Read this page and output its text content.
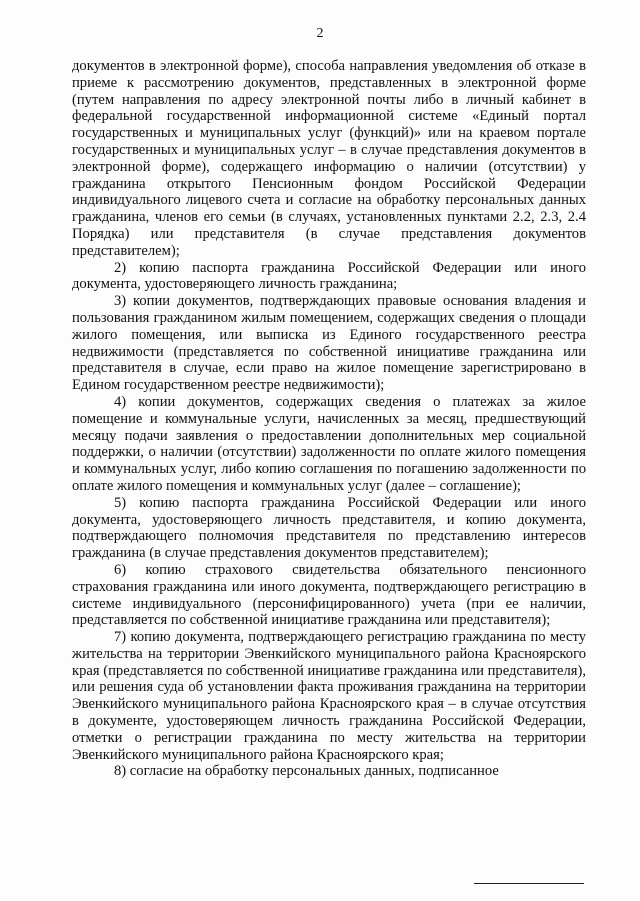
2

документов в электронной форме), способа направления уведомления об отказе в приеме к рассмотрению документов, представленных в электронной форме (путем направления по адресу электронной почты либо в личный кабинет в федеральной государственной информационной системе «Единый портал государственных и муниципальных услуг (функций)» или на краевом портале государственных и муниципальных услуг – в случае представления документов в электронной форме), содержащего информацию о наличии (отсутствии) у гражданина открытого Пенсионным фондом Российской Федерации индивидуального лицевого счета и согласие на обработку персональных данных гражданина, членов его семьи (в случаях, установленных пунктами 2.2, 2.3, 2.4 Порядка) или представителя (в случае представления документов представителем);

2) копию паспорта гражданина Российской Федерации или иного документа, удостоверяющего личность гражданина;

3) копии документов, подтверждающих правовые основания владения и пользования гражданином жилым помещением, содержащих сведения о площади жилого помещения, или выписка из Единого государственного реестра недвижимости (представляется по собственной инициативе гражданина или представителя в случае, если право на жилое помещение зарегистрировано в Едином государственном реестре недвижимости);

4) копии документов, содержащих сведения о платежах за жилое помещение и коммунальные услуги, начисленных за месяц, предшествующий месяцу подачи заявления о предоставлении дополнительных мер социальной поддержки, о наличии (отсутствии) задолженности по оплате жилого помещения и коммунальных услуг, либо копию соглашения по погашению задолженности по оплате жилого помещения и коммунальных услуг (далее – соглашение);

5) копию паспорта гражданина Российской Федерации или иного документа, удостоверяющего личность представителя, и копию документа, подтверждающего полномочия представителя по представлению интересов гражданина (в случае представления документов представителем);

6) копию страхового свидетельства обязательного пенсионного страхования гражданина или иного документа, подтверждающего регистрацию в системе индивидуального (персонифицированного) учета (при ее наличии, представляется по собственной инициативе гражданина или представителя);

7) копию документа, подтверждающего регистрацию гражданина по месту жительства на территории Эвенкийского муниципального района Красноярского края (представляется по собственной инициативе гражданина или представителя), или решения суда об установлении факта проживания гражданина на территории Эвенкийского муниципального района Красноярского края – в случае отсутствия в документе, удостоверяющем личность гражданина Российской Федерации, отметки о регистрации гражданина по месту жительства на территории Эвенкийского муниципального района Красноярского края;

8) согласие на обработку персональных данных, подписанное
